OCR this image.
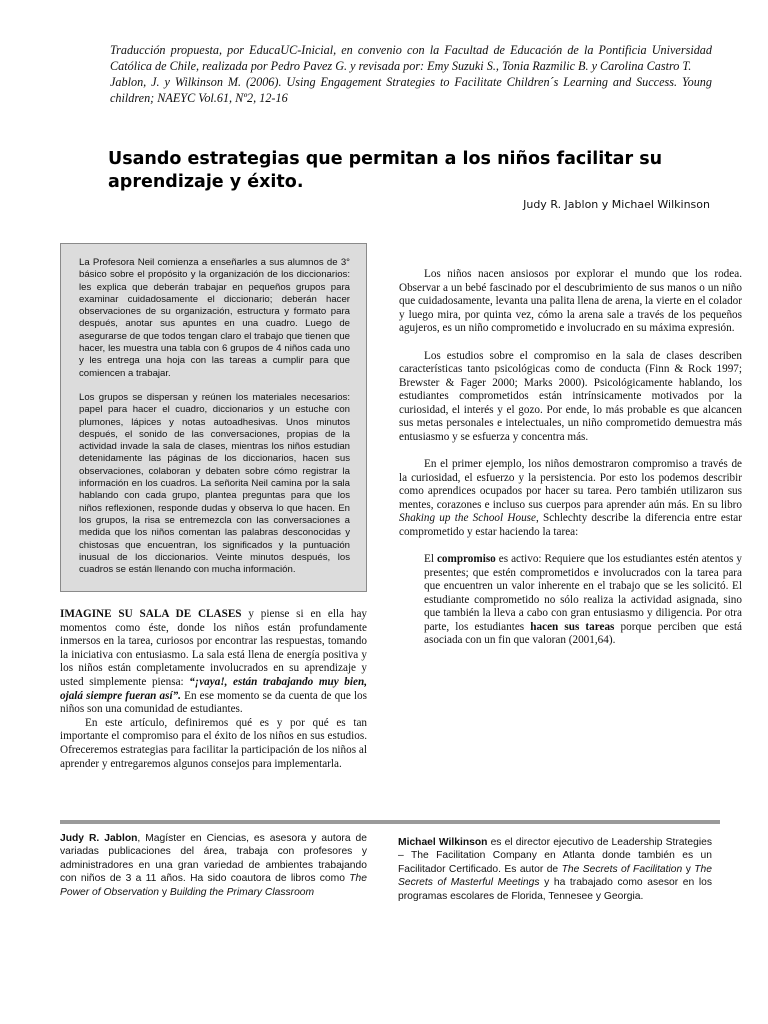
Traducción propuesta, por EducaUC-Inicial, en convenio con la Facultad de Educación de la Pontificia Universidad Católica de Chile, realizada por Pedro Pavez G. y revisada por: Emy Suzuki S., Tonia Razmilic B. y Carolina Castro T.

Jablon, J. y Wilkinson M. (2006). Using Engagement Strategies to Facilitate Children´s Learning and Success. Young children; NAEYC Vol.61, Nº2, 12-16

Usando estrategias que permitan a los niños facilitar su aprendizaje y éxito.
Judy R. Jablon y Michael Wilkinson

La Profesora Neil comienza a enseñarles a sus alumnos de 3° básico sobre el propósito y la organización de los diccionarios: les explica que deberán trabajar en pequeños grupos para examinar cuidadosamente el diccionario; deberán hacer observaciones de su organización, estructura y formato para después, anotar sus apuntes en una cuadro. Luego de asegurarse de que todos tengan claro el trabajo que tienen que hacer, les muestra una tabla con 6 grupos de 4 niños cada uno y les entrega una hoja con las tareas a cumplir para que comiencen a trabajar.

Los grupos se dispersan y reúnen los materiales necesarios: papel para hacer el cuadro, diccionarios y un estuche con plumones, lápices y notas autoadhesivas. Unos minutos después, el sonido de las conversaciones, propias de la actividad invade la sala de clases, mientras los niños estudian detenidamente las páginas de los diccionarios, hacen sus observaciones, colaboran y debaten sobre cómo registrar la información en los cuadros. La señorita Neil camina por la sala hablando con cada grupo, plantea preguntas para que los niños reflexionen, responde dudas y observa lo que hacen. En los grupos, la risa se entremezcla con las conversaciones a medida que los niños comentan las palabras desconocidas y chistosas que encuentran, los significados y la puntuación inusual de los diccionarios. Veinte minutos después, los cuadros se están llenando con mucha información.

Los niños nacen ansiosos por explorar el mundo que los rodea. Observar a un bebé fascinado por el descubrimiento de sus manos o un niño que cuidadosamente, levanta una palita llena de arena, la vierte en el colador y luego mira, por quinta vez, cómo la arena sale a través de los pequeños agujeros, es un niño comprometido e involucrado en su máxima expresión.

Los estudios sobre el compromiso en la sala de clases describen características tanto psicológicas como de conducta (Finn & Rock 1997; Brewster & Fager 2000; Marks 2000). Psicológicamente hablando, los estudiantes comprometidos están intrínsicamente motivados por la curiosidad, el interés y el gozo. Por ende, lo más probable es que alcancen sus metas personales e intelectuales, un niño comprometido demuestra más entusiasmo y se esfuerza y concentra más.

En el primer ejemplo, los niños demostraron compromiso a través de la curiosidad, el esfuerzo y la persistencia. Por esto los podemos describir como aprendices ocupados por hacer su tarea. Pero también utilizaron sus mentes, corazones e incluso sus cuerpos para aprender aún más. En su libro Shaking up the School House, Schlechty describe la diferencia entre estar comprometido y estar haciendo la tarea:

El compromiso es activo: Requiere que los estudiantes estén atentos y presentes; que estén comprometidos e involucrados con la tarea para que encuentren un valor inherente en el trabajo que se les solicitó. El estudiante comprometido no sólo realiza la actividad asignada, sino que también la lleva a cabo con gran entusiasmo y diligencia. Por otra parte, los estudiantes hacen sus tareas porque perciben que está asociada con un fin que valoran (2001,64).

IMAGINE SU SALA DE CLASES y piense si en ella hay momentos como éste, donde los niños están profundamente inmersos en la tarea, curiosos por encontrar las respuestas, tomando la iniciativa con entusiasmo. La sala está llena de energía positiva y los niños están completamente involucrados en su aprendizaje y usted simplemente piensa: “¡vaya!, están trabajando muy bien, ojalá siempre fueran así”. En ese momento se da cuenta de que los niños son una comunidad de estudiantes.

En este artículo, definiremos qué es y por qué es tan importante el compromiso para el éxito de los niños en sus estudios. Ofreceremos estrategias para facilitar la participación de los niños al aprender y entregaremos algunos consejos para implementarla.

Judy R. Jablon, Magíster en Ciencias, es asesora y autora de variadas publicaciones del área, trabaja con profesores y administradores en una gran variedad de ambientes trabajando con niños de 3 a 11 años. Ha sido coautora de libros como The Power of Observation y Building the Primary Classroom
Michael Wilkinson es el director ejecutivo de Leadership Strategies – The Facilitation Company en Atlanta donde también es un Facilitador Certificado. Es autor de The Secrets of Facilitation y The Secrets of Masterful Meetings y ha trabajado como asesor en los programas escolares de Florida, Tennesee y Georgia.
